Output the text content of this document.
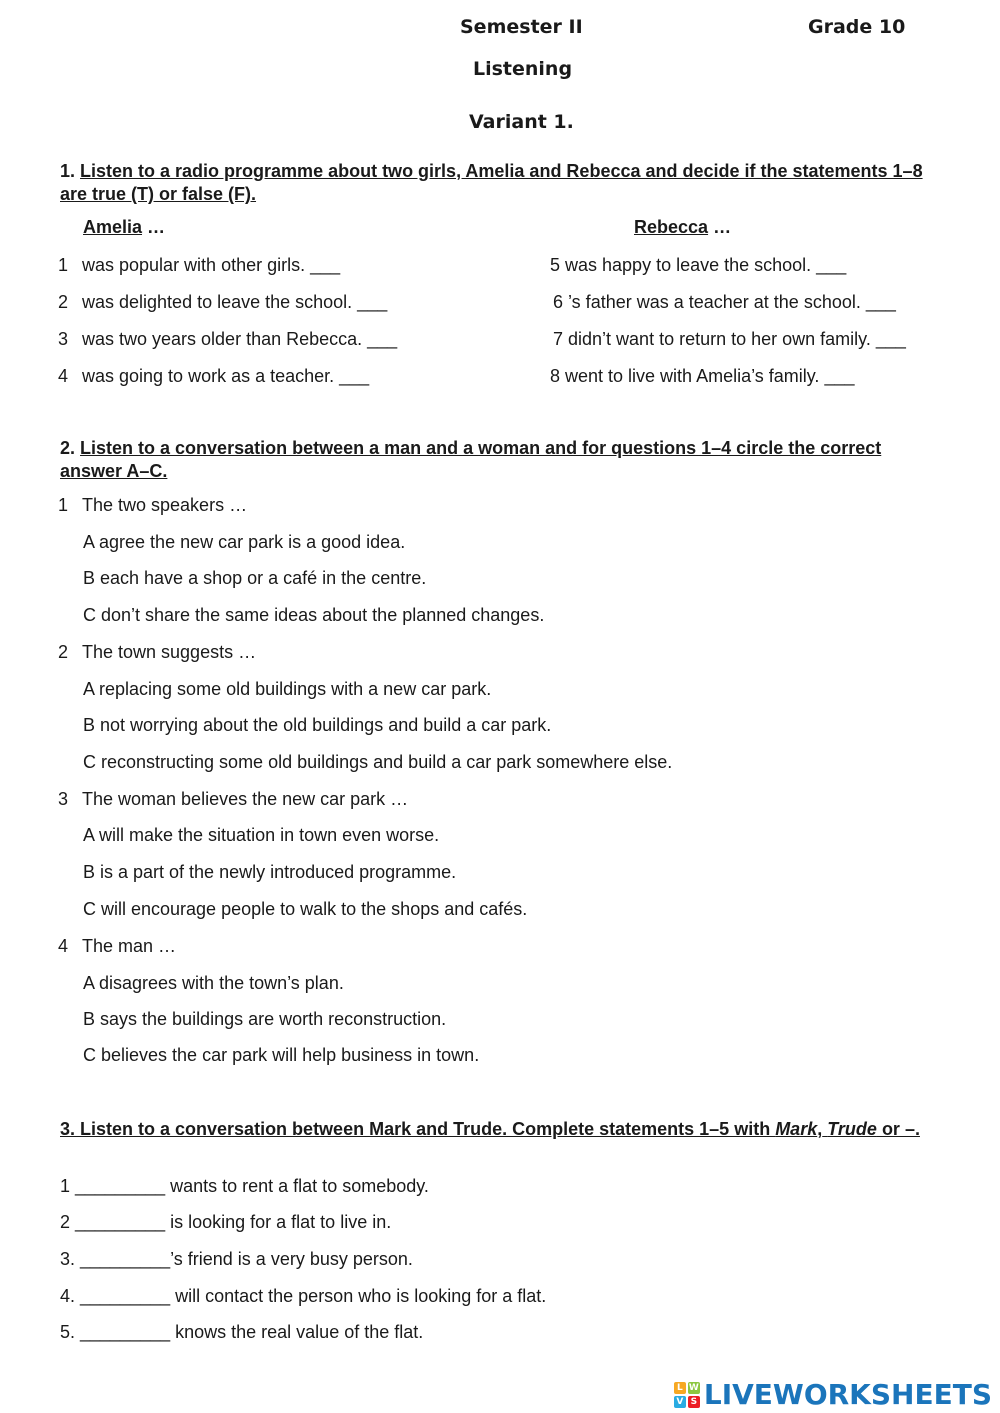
Semester II	Grade 10
Listening
Variant 1.
1. Listen to a radio programme about two girls, Amelia and Rebecca and decide if the statements 1–8 are true (T) or false (F).
Amelia …	Rebecca …
1 was popular with other girls. ___
2 was delighted to leave the school. ___
3 was two years older than Rebecca. ___
4 was going to work as a teacher. ___
5 was happy to leave the school. ___
6 ’s father was a teacher at the school. ___
7 didn’t want to return to her own family. ___
8 went to live with Amelia’s family. ___
2. Listen to a conversation between a man and a woman and for questions 1–4 circle the correct answer A–C.
1 The two speakers …
A agree the new car park is a good idea.
B each have a shop or a café in the centre.
C don’t share the same ideas about the planned changes.
2 The town suggests …
A replacing some old buildings with a new car park.
B not worrying about the old buildings and build a car park.
C reconstructing some old buildings and build a car park somewhere else.
3 The woman believes the new car park …
A will make the situation in town even worse.
B is a part of the newly introduced programme.
C will encourage people to walk to the shops and cafés.
4 The man …
A disagrees with the town’s plan.
B says the buildings are worth reconstruction.
C believes the car park will help business in town.
3. Listen to a conversation between Mark and Trude. Complete statements 1–5 with Mark, Trude or –.
1 _________ wants to rent a flat to somebody.
2 _________ is looking for a flat to live in.
3. _________’s friend is a very busy person.
4. _________ will contact the person who is looking for a flat.
5. _________ knows the real value of the flat.
L W
V S LIVEWORKSHEETS
